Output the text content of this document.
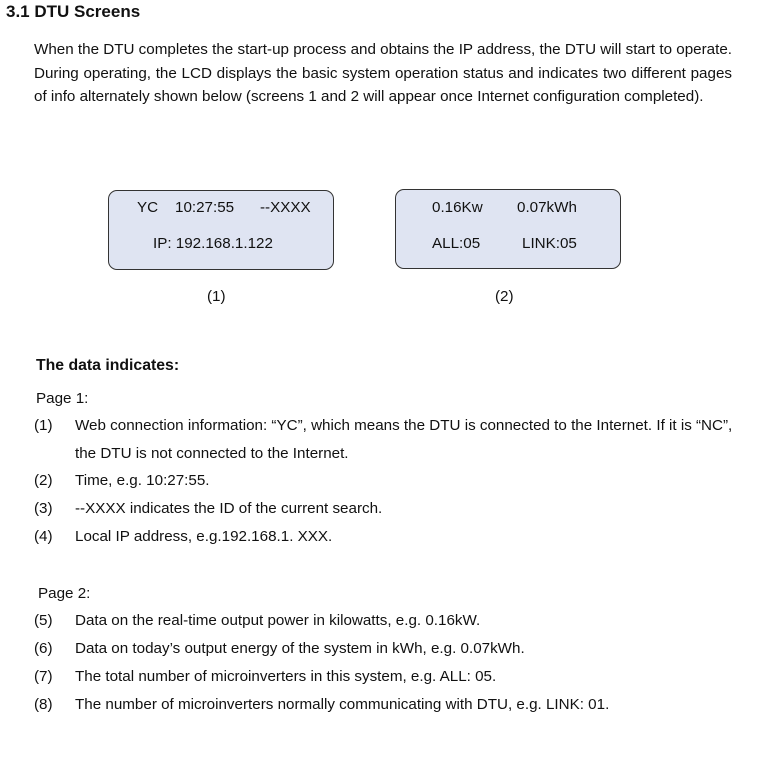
3.1 DTU Screens
When the DTU completes the start-up process and obtains the IP address, the DTU will start to operate. During operating, the LCD displays the basic system operation status and indicates two different pages of info alternately shown below (screens 1 and 2 will appear once Internet configuration completed).
YC 10:27:55 --XXXX
IP: 192.168.1.122
(1)
0.16Kw 0.07kWh
ALL:05	LINK:05
(2)
The data indicates:
Page 1:
(1) Web connection information: “YC”, which means the DTU is connected to the Internet. If it is “NC”, the DTU is not connected to the Internet.
(2) Time, e.g. 10:27:55.
(3) --XXXX indicates the ID of the current search.
(4) Local IP address, e.g.192.168.1. XXX.
Page 2:
(5) Data on the real-time output power in kilowatts, e.g. 0.16kW.
(6) Data on today’s output energy of the system in kWh, e.g. 0.07kWh.
(7) The total number of microinverters in this system, e.g. ALL: 05.
(8) The number of microinverters normally communicating with DTU, e.g. LINK: 01.
